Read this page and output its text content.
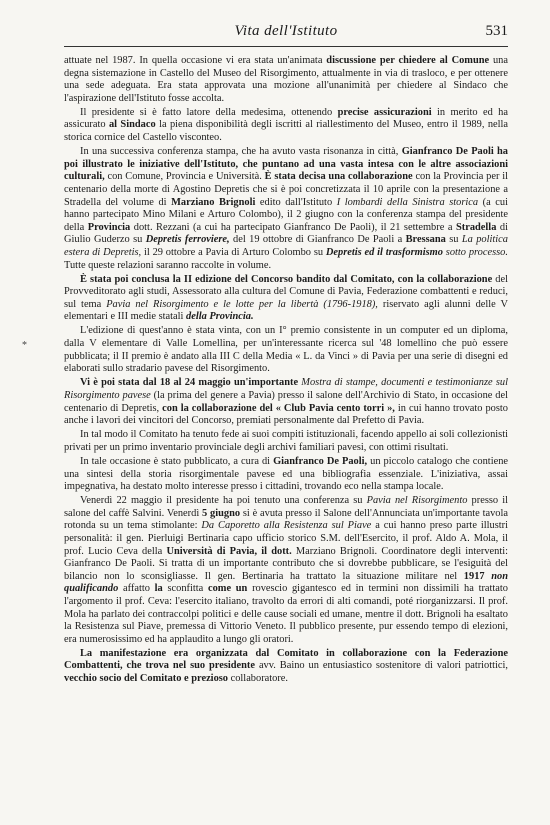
Vita dell'Istituto	531
*

attuate nel 1987. In quella occasione vi era stata un'animata discussione per chiedere al Comune una degna sistemazione in Castello del Museo del Risorgimento, attualmente in via di trasloco, e per ottenere una sede adeguata. Era stata approvata una mozione all'unanimità per chiedere al Sindaco che l'aspirazione dell'Istituto fosse accolta.

Il presidente si è fatto latore della medesima, ottenendo precise assicurazioni in merito ed ha assicurato al Sindaco la piena disponibilità degli iscritti al riallestimento del Museo, entro il 1989, nella storica cornice del Castello visconteo.

In una successiva conferenza stampa, che ha avuto vasta risonanza in città, Gianfranco De Paoli ha poi illustrato le iniziative dell'Istituto, che puntano ad una vasta intesa con le altre associazioni culturali, con Comune, Provincia e Università. È stata decisa una collaborazione con la Provincia per il centenario della morte di Agostino Depretis che si è poi concretizzata il 10 aprile con la presentazione a Stradella del volume di Marziano Brignoli edito dall'Istituto I lombardi della Sinistra storica (a cui hanno partecipato Mino Milani e Arturo Colombo), il 2 giugno con la conferenza stampa del presidente della Provincia dott. Rezzani (a cui ha partecipato Gianfranco De Paoli), il 21 settembre a Stradella di Giulio Guderzo su Depretis ferroviere, del 19 ottobre di Gianfranco De Paoli a Bressana su La politica estera di Depretis, il 29 ottobre a Pavia di Arturo Colombo su Depretis ed il trasformismo sotto processo. Tutte queste relazioni saranno raccolte in volume.

È stata poi conclusa la II edizione del Concorso bandito dal Comitato, con la collaborazione del Provveditorato agli studi, Assessorato alla cultura del Comune di Pavia, Federazione combattenti e reduci, sul tema Pavia nel Risorgimento e le lotte per la libertà (1796-1918), riservato agli alunni delle V elementari e III medie statali della Provincia.

L'edizione di quest'anno è stata vinta, con un I° premio consistente in un computer ed un diploma, dalla V elementare di Valle Lomellina, per un'interessante ricerca sul '48 lomellino che può essere pubblicata; il II premio è andato alla III C della Media « L. da Vinci » di Pavia per una serie di disegni ed elaborati sullo stradario pavese del Risorgimento.

Vi è poi stata dal 18 al 24 maggio un'importante Mostra di stampe, documenti e testimonianze sul Risorgimento pavese (la prima del genere a Pavia) presso il salone dell'Archivio di Stato, in occasione del centenario di Depretis, con la collaborazione del « Club Pavia cento torri », in cui hanno trovato posto anche i lavori dei vincitori del Concorso, premiati personalmente dal Prefetto di Pavia.

In tal modo il Comitato ha tenuto fede ai suoi compiti istituzionali, facendo appello ai soli collezionisti privati per un primo inventario provinciale degli archivi familiari pavesi, con ottimi risultati.

In tale occasione è stato pubblicato, a cura di Gianfranco De Paoli, un piccolo catalogo che contiene una sintesi della storia risorgimentale pavese ed una bibliografia essenziale. L'iniziativa, assai impegnativa, ha destato molto interesse presso i cittadini, trovando eco nella stampa locale.

Venerdì 22 maggio il presidente ha poi tenuto una conferenza su Pavia nel Risorgimento presso il salone del caffè Salvini. Venerdì 5 giugno si è avuta presso il Salone dell'Annunciata un'importante tavola rotonda su un tema stimolante: Da Caporetto alla Resistenza sul Piave a cui hanno preso parte illustri personalità: il gen. Pierluigi Bertinaria capo ufficio storico S.M. dell'Esercito, il prof. Aldo A. Mola, il prof. Lucio Ceva della Università di Pavia, il dott. Marziano Brignoli. Coordinatore degli interventi: Gianfranco De Paoli. Si tratta di un importante contributo che si dovrebbe pubblicare, se l'esiguità del bilancio non lo sconsigliasse. Il gen. Bertinaria ha trattato la situazione militare nel 1917 non qualificando affatto la sconfitta come un rovescio gigantesco ed in termini non dissimili ha trattato l'argomento il prof. Ceva: l'esercito italiano, travolto da errori di alti comandi, poté riorganizzarsi. Il prof. Mola ha parlato dei contraccolpi politici e delle cause sociali ed umane, mentre il dott. Brignoli ha esaltato la Resistenza sul Piave, premessa di Vittorio Veneto. Il pubblico presente, pur essendo tempo di elezioni, era numerosissimo ed ha applaudito a lungo gli oratori.

La manifestazione era organizzata dal Comitato in collaborazione con la Federazione Combattenti, che trova nel suo presidente avv. Baino un entusiastico sostenitore di valori patriottici, vecchio socio del Comitato e prezioso collaboratore.
